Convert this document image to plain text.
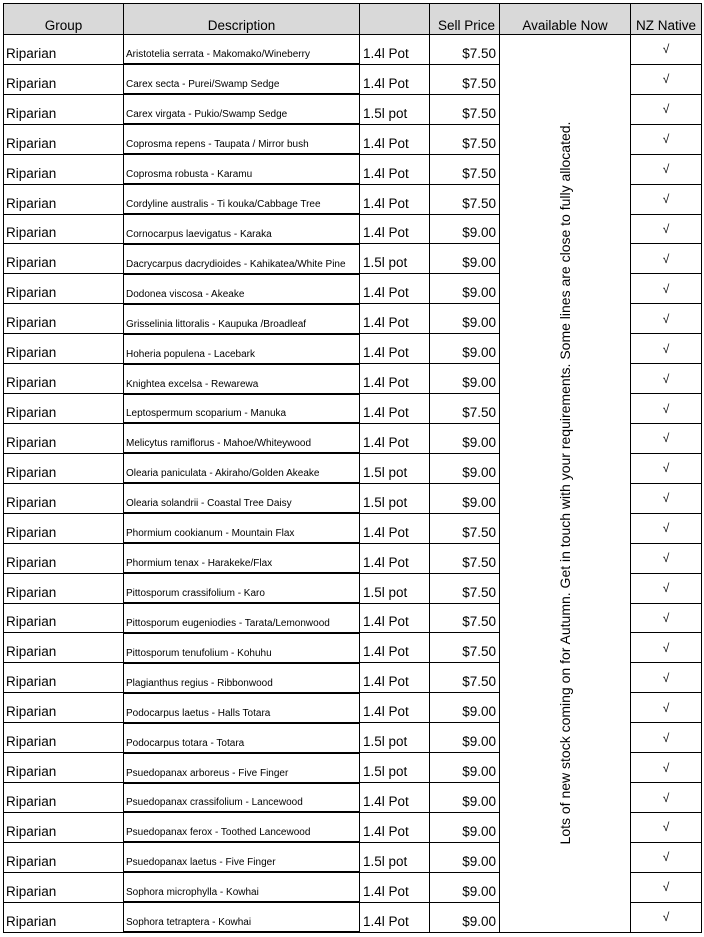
Group	Description		Sell Price	Available Now	NZ Native
Riparian	Aristotelia serrata - Makomako/Wineberry	1.4l Pot	$7.50	Lots of new stock coming on for Autumn. Get in touch with your requirements. Some lines are close to fully allocated.	√
Riparian	Carex secta - Purei/Swamp Sedge	1.4l Pot	$7.50		√
Riparian	Carex virgata - Pukio/Swamp Sedge	1.5l pot	$7.50		√
Riparian	Coprosma repens - Taupata / Mirror bush	1.4l Pot	$7.50		√
Riparian	Coprosma robusta - Karamu	1.4l Pot	$7.50		√
Riparian	Cordyline australis - Ti kouka/Cabbage Tree	1.4l Pot	$7.50		√
Riparian	Cornocarpus laevigatus - Karaka	1.4l Pot	$9.00		√
Riparian	Dacrycarpus dacrydioides - Kahikatea/White Pine	1.5l pot	$9.00		√
Riparian	Dodonea viscosa - Akeake	1.4l Pot	$9.00		√
Riparian	Grisselinia littoralis - Kaupuka /Broadleaf	1.4l Pot	$9.00		√
Riparian	Hoheria populena - Lacebark	1.4l Pot	$9.00		√
Riparian	Knightea excelsa - Rewarewa	1.4l Pot	$9.00		√
Riparian	Leptospermum scoparium - Manuka	1.4l Pot	$7.50		√
Riparian	Melicytus ramiflorus - Mahoe/Whiteywood	1.4l Pot	$9.00		√
Riparian	Olearia paniculata - Akiraho/Golden Akeake	1.5l pot	$9.00		√
Riparian	Olearia solandrii - Coastal Tree Daisy	1.5l pot	$9.00		√
Riparian	Phormium cookianum - Mountain Flax	1.4l Pot	$7.50		√
Riparian	Phormium tenax - Harakeke/Flax	1.4l Pot	$7.50		√
Riparian	Pittosporum crassifolium - Karo	1.5l pot	$7.50		√
Riparian	Pittosporum eugeniodies - Tarata/Lemonwood	1.4l Pot	$7.50		√
Riparian	Pittosporum tenufolium - Kohuhu	1.4l Pot	$7.50		√
Riparian	Plagianthus regius - Ribbonwood	1.4l Pot	$7.50		√
Riparian	Podocarpus laetus - Halls Totara	1.4l Pot	$9.00		√
Riparian	Podocarpus totara - Totara	1.5l pot	$9.00		√
Riparian	Psuedopanax arboreus - Five Finger	1.5l pot	$9.00		√
Riparian	Psuedopanax crassifolium - Lancewood	1.4l Pot	$9.00		√
Riparian	Psuedopanax ferox - Toothed Lancewood	1.4l Pot	$9.00		√
Riparian	Psuedopanax laetus - Five Finger	1.5l pot	$9.00		√
Riparian	Sophora microphylla - Kowhai	1.4l Pot	$9.00		√
Riparian	Sophora tetraptera - Kowhai	1.4l Pot	$9.00		√
